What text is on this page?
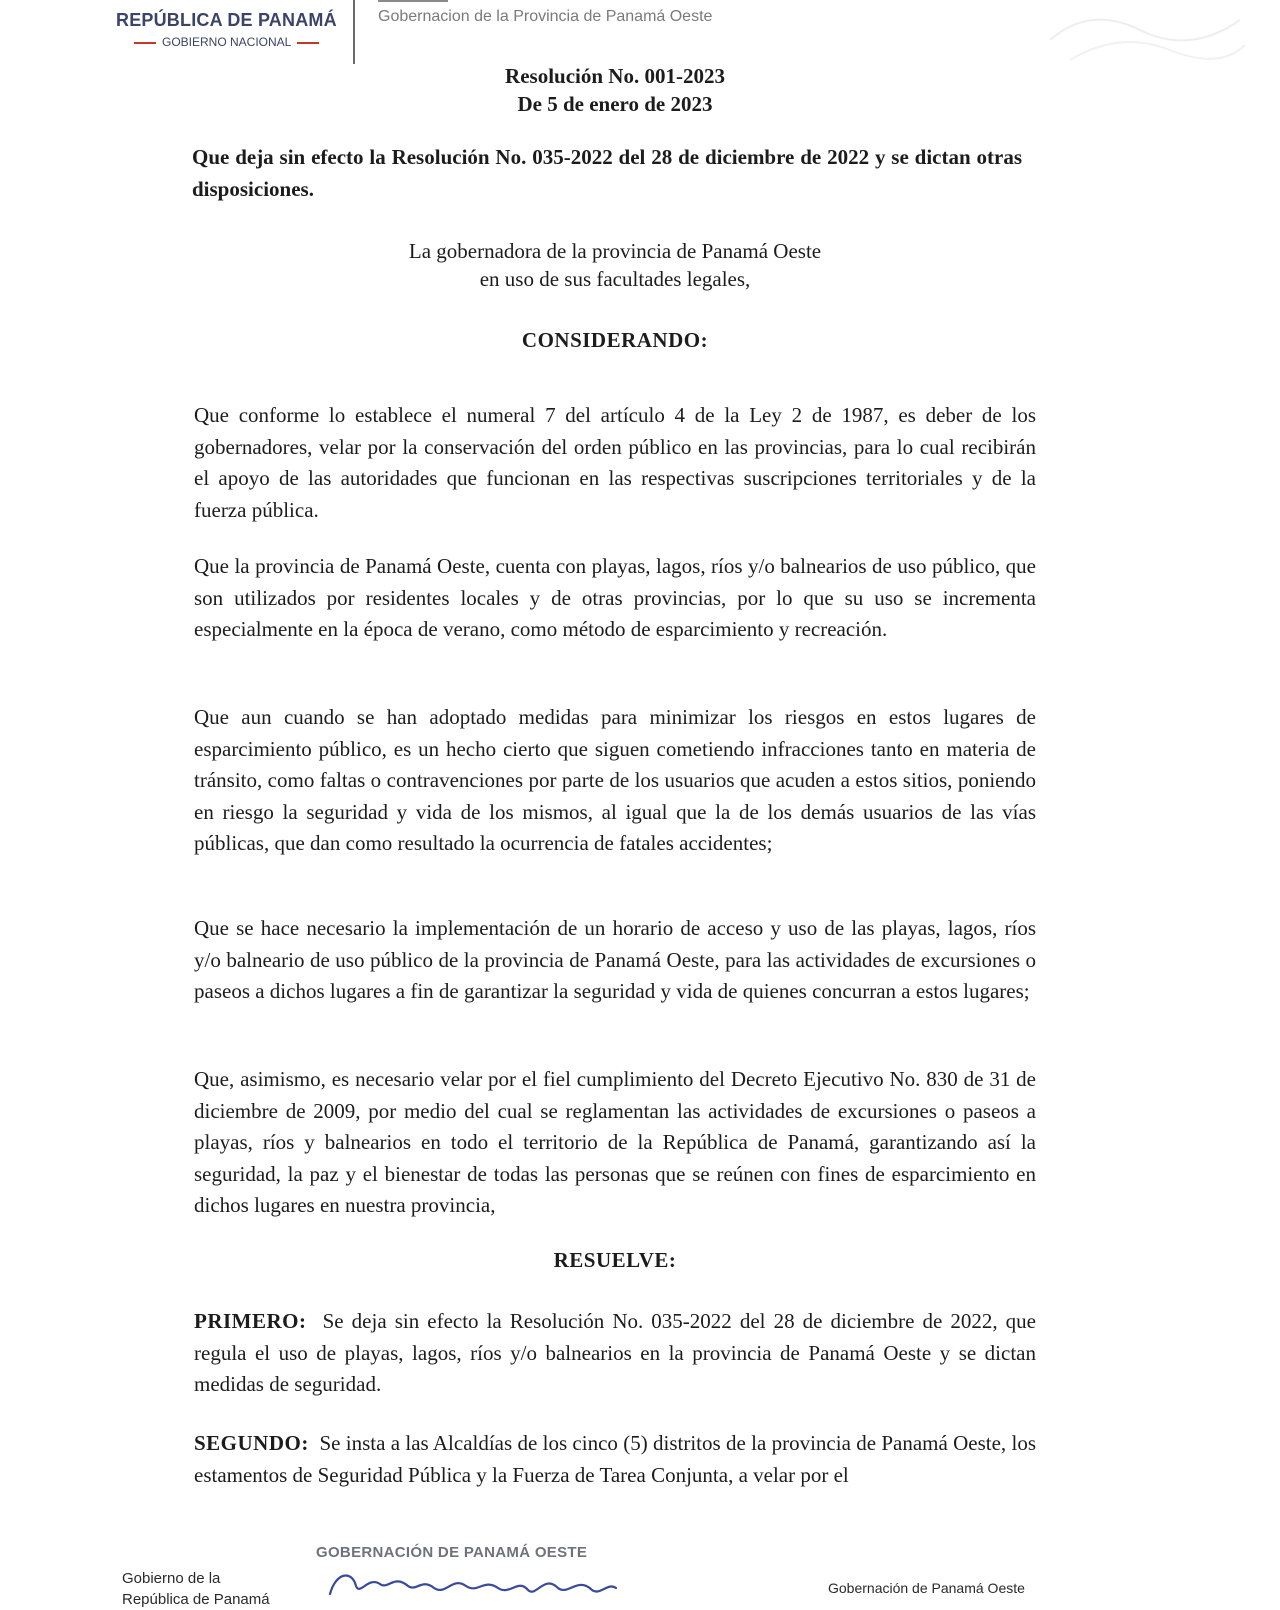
REPÚBLICA DE PANAMÁ
GOBIERNO NACIONAL
Gobernacion de la Provincia de Panamá Oeste
Resolución No. 001-2023
De 5 de enero de 2023
Que deja sin efecto la Resolución No. 035-2022 del 28 de diciembre de 2022 y se dictan otras disposiciones.
La gobernadora de la provincia de Panamá Oeste
en uso de sus facultades legales,
CONSIDERANDO:
Que conforme lo establece el numeral 7 del artículo 4 de la Ley 2 de 1987, es deber de los gobernadores, velar por la conservación del orden público en las provincias, para lo cual recibirán el apoyo de las autoridades que funcionan en las respectivas suscripciones territoriales y de la fuerza pública.
Que la provincia de Panamá Oeste, cuenta con playas, lagos, ríos y/o balnearios de uso público, que son utilizados por residentes locales y de otras provincias, por lo que su uso se incrementa especialmente en la época de verano, como método de esparcimiento y recreación.
Que aun cuando se han adoptado medidas para minimizar los riesgos en estos lugares de esparcimiento público, es un hecho cierto que siguen cometiendo infracciones tanto en materia de tránsito, como faltas o contravenciones por parte de los usuarios que acuden a estos sitios, poniendo en riesgo la seguridad y vida de los mismos, al igual que la de los demás usuarios de las vías públicas, que dan como resultado la ocurrencia de fatales accidentes;
Que se hace necesario la implementación de un horario de acceso y uso de las playas, lagos, ríos y/o balneario de uso público de la provincia de Panamá Oeste, para las actividades de excursiones o paseos a dichos lugares a fin de garantizar la seguridad y vida de quienes concurran a estos lugares;
Que, asimismo, es necesario velar por el fiel cumplimiento del Decreto Ejecutivo No. 830 de 31 de diciembre de 2009, por medio del cual se reglamentan las actividades de excursiones o paseos a playas, ríos y balnearios en todo el territorio de la República de Panamá, garantizando así la seguridad, la paz y el bienestar de todas las personas que se reúnen con fines de esparcimiento en dichos lugares en nuestra provincia,
RESUELVE:
PRIMERO: Se deja sin efecto la Resolución No. 035-2022 del 28 de diciembre de 2022, que regula el uso de playas, lagos, ríos y/o balnearios en la provincia de Panamá Oeste y se dictan medidas de seguridad.
SEGUNDO: Se insta a las Alcaldías de los cinco (5) distritos de la provincia de Panamá Oeste, los estamentos de Seguridad Pública y la Fuerza de Tarea Conjunta, a velar por el
Gobierno de la
República de Panamá
GOBERNACIÓN DE PANAMÁ OESTE
Gobernación de Panamá Oeste
